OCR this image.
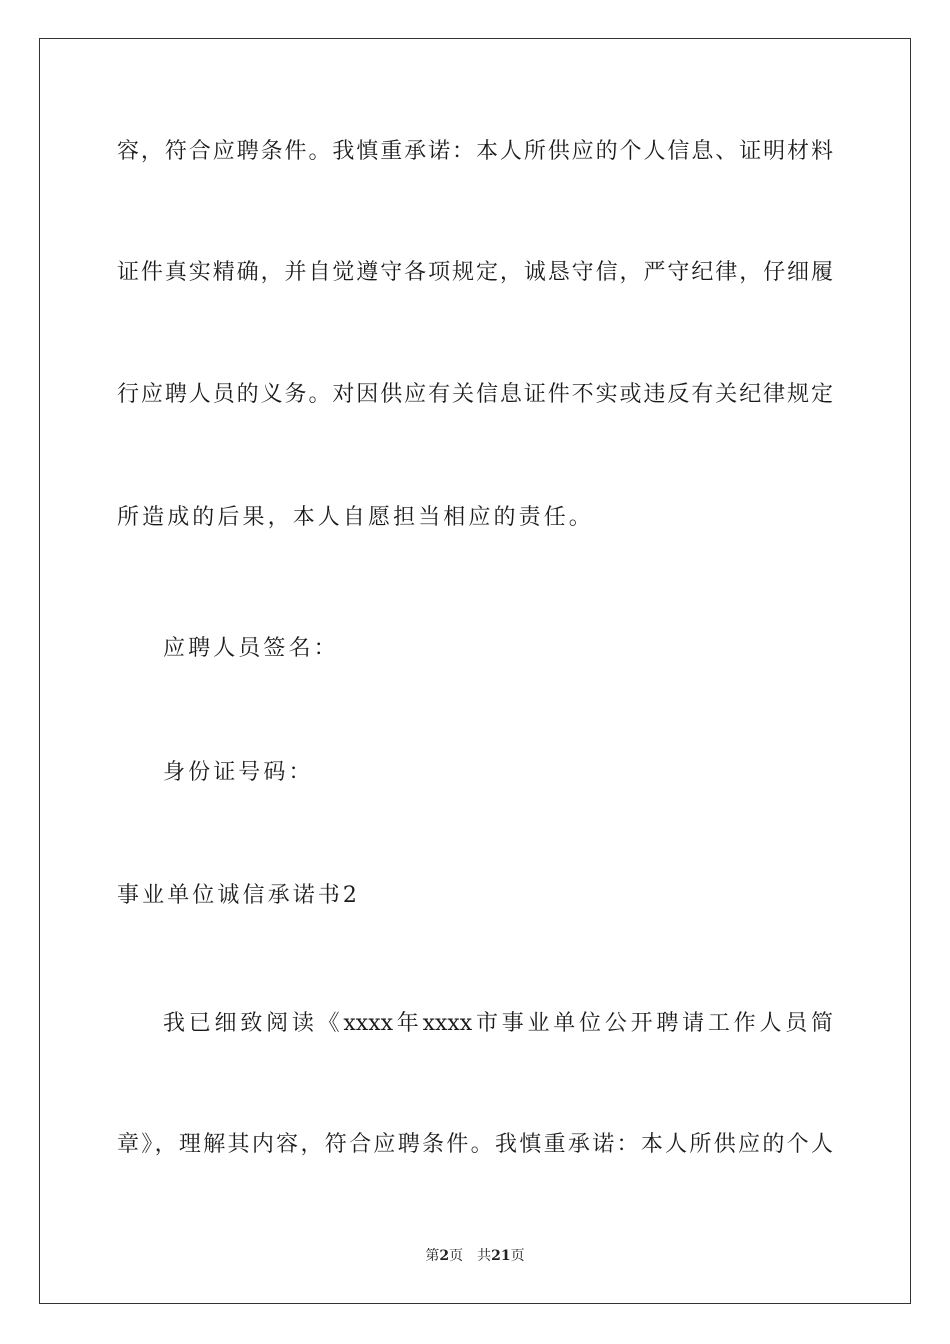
容，符合应聘条件。我慎重承诺：本人所供应的个人信息、证明材料
证件真实精确，并自觉遵守各项规定，诚恳守信，严守纪律，仔细履
行应聘人员的义务。对因供应有关信息证件不实或违反有关纪律规定
所造成的后果，本人自愿担当相应的责任。
应聘人员签名：
身份证号码：
事业单位诚信承诺书2
我已细致阅读《xxxx年xxxx市事业单位公开聘请工作人员简
章》，理解其内容，符合应聘条件。我慎重承诺：本人所供应的个人
第2页 共21页
